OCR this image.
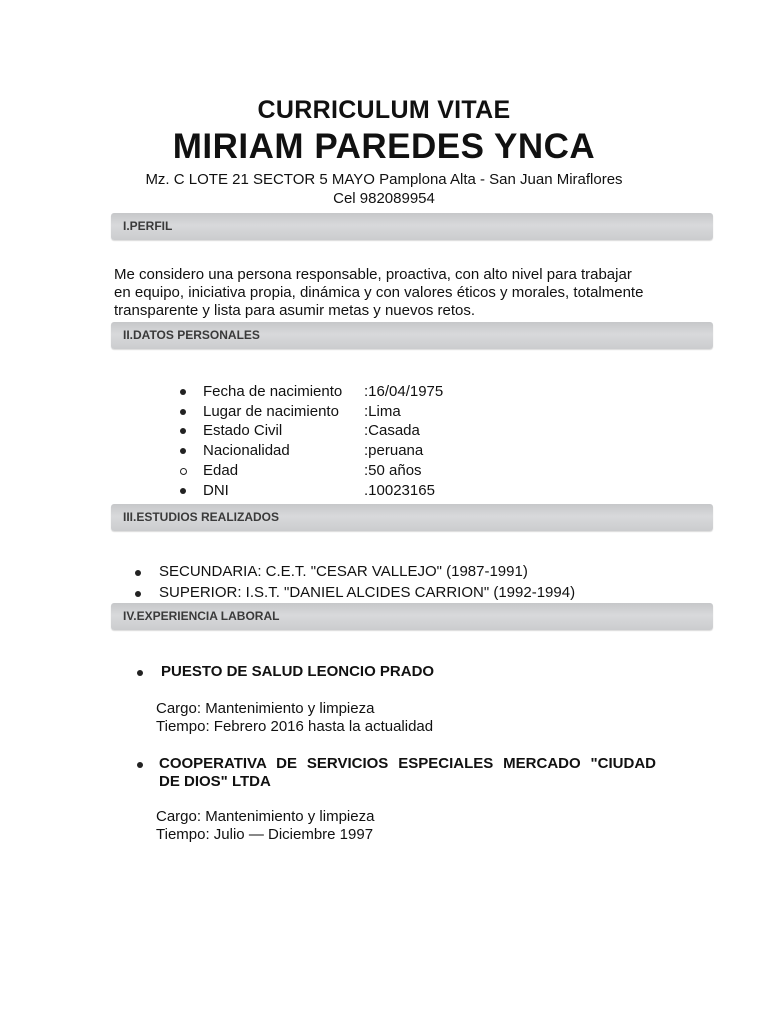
CURRICULUM VITAE
MIRIAM PAREDES YNCA
Mz. C LOTE 21 SECTOR 5 MAYO Pamplona Alta - San Juan Miraflores
Cel 982089954
I.PERFIL

Me considero una persona responsable, proactiva, con alto nivel para trabajar

en equipo, iniciativa propia, dinámica y con valores éticos y morales, totalmente

transparente y lista para asumir metas y nuevos retos.

II.DATOS PERSONALES
Fecha de nacimiento :16/04/1975
Lugar de nacimiento :Lima
Estado Civil	:Casada
Nacionalidad	:peruana
Edad	:50 años
DNI	.10023165
III.ESTUDIOS REALIZADOS
SECUNDARIA: C.E.T. "CESAR VALLEJO" (1987-1991)
SUPERIOR: I.S.T. "DANIEL ALCIDES CARRION" (1992-1994)
IV.EXPERIENCIA LABORAL
PUESTO DE SALUD LEONCIO PRADO
Cargo: Mantenimiento y limpieza
Tiempo: Febrero 2016 hasta la actualidad
COOPERATIVA DE SERVICIOS ESPECIALES MERCADO "CIUDAD
DE DIOS" LTDA
Cargo: Mantenimiento y limpieza
Tiempo: Julio — Diciembre 1997
